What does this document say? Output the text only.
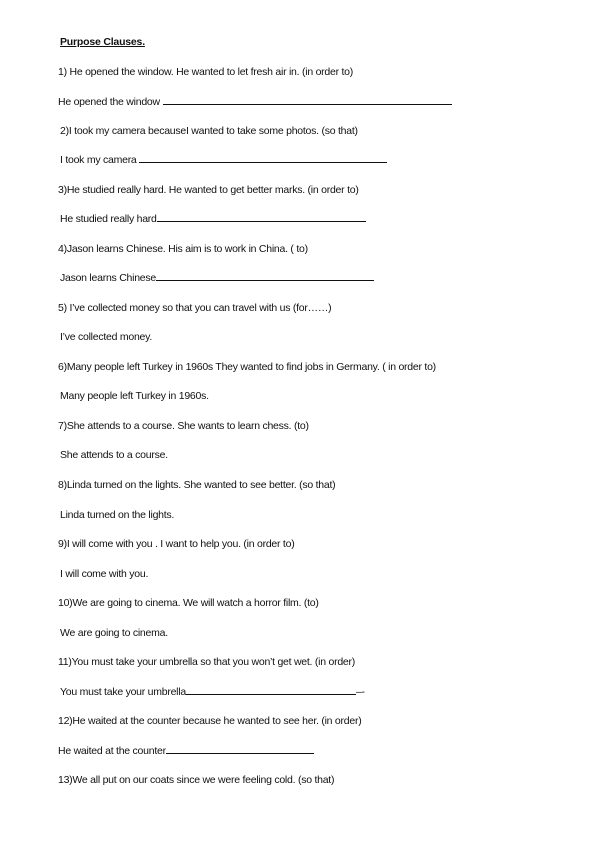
Purpose Clauses.
1) He opened the window. He wanted to let fresh air in. (in order to)
He opened the window
2)I took my camera becauseI wanted to take some photos. (so that)
I took my camera
3)He studied really hard. He wanted to get better marks. (in order to)
He studied really hard
4)Jason learns Chinese. His aim is to work in China. ( to)
Jason learns Chinese
5) I’ve collected money so that you can travel with us (for……)
I’ve collected money.
6)Many people left Turkey in 1960s They wanted to find jobs in Germany. ( in order to)
Many people left Turkey in 1960s.
7)She attends to a course. She wants to learn chess. (to)
She attends to a course.
8)Linda turned on the lights. She wanted to see better. (so that)
Linda turned on the lights.
9)I will come with you . I want to help you. (in order to)
I will come with you.
10)We are going to cinema. We will watch a horror film. (to)
We are going to cinema.
11)You must take your umbrella so that you won’t get wet. (in order)
You must take your umbrella	–-
12)He waited at the counter because he wanted to see her. (in order)
He waited at the counter
13)We all put on our coats since we were feeling cold. (so that)
